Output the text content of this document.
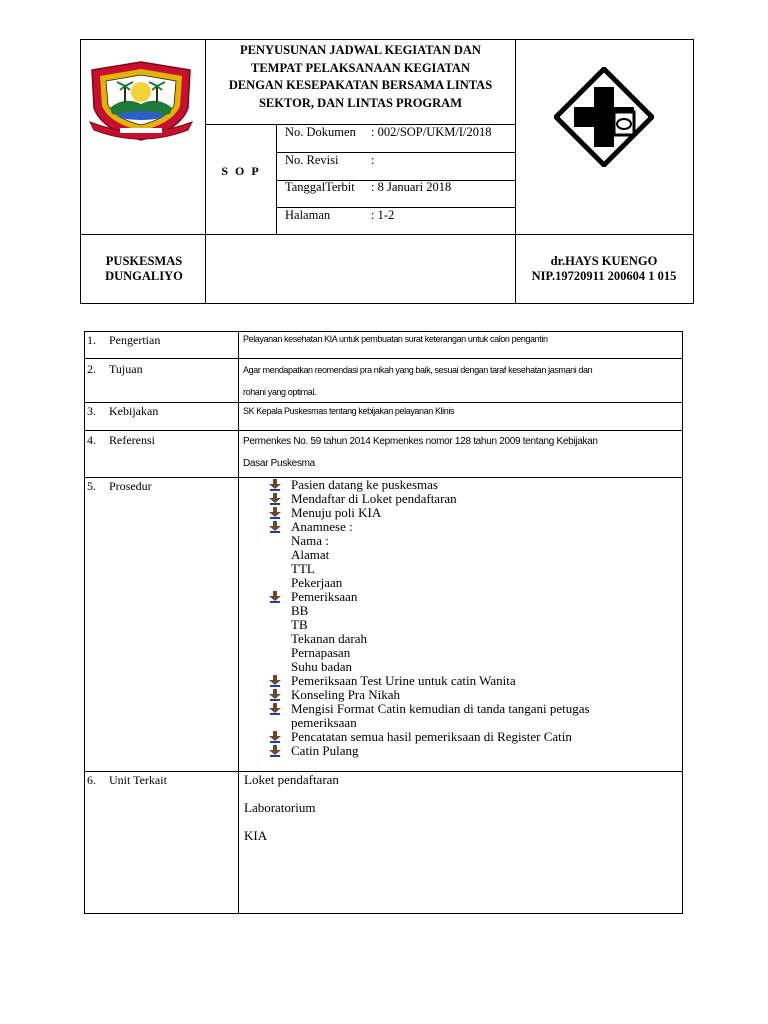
PENYUSUNAN JADWAL KEGIATAN DAN
TEMPAT PELAKSANAAN KEGIATAN
DENGAN KESEPAKATAN BERSAMA LINTAS
SEKTOR, DAN LINTAS PROGRAM
S O P
No. Dokumen : 002/SOP/UKM/I/2018
No. Revisi	:
TanggalTerbit : 8 Januari 2018
Halaman	: 1-2
PUSKESMAS
DUNGALIYO
dr.HAYS KUENGO
NIP.19720911 200604 1 015
1. Pengertian	Pelayanan kesehatan KIA untuk pembuatan surat keterangan untuk calon pengantin
2. Tujuan	Agar mendapatkan reomendasi pra nikah yang baik, sesuai dengan taraf kesehatan jasmani dan
rohani yang optimal.
3. Kebijakan	SK Kepala Puskesmas tentang kebijakan pelayanan Klinis
4. Referensi	Permenkes No. 59 tahun 2014 Kepmenkes nomor 128 tahun 2009 tentang Kebijakan
Dasar Puskesma
5. Prosedur	Pasien datang ke puskesmas
Mendaftar di Loket pendaftaran
Menuju poli KIA
Anamnese :
Nama :
Alamat
TTL
Pekerjaan
Pemeriksaan
BB
TB
Tekanan darah
Pernapasan
Suhu badan
Pemeriksaan Test Urine untuk catin Wanita
Konseling Pra Nikah
Mengisi Format Catin kemudian di tanda tangani petugas
pemeriksaan
Pencatatan semua hasil pemeriksaan di Register Catin
Catin Pulang
6. Unit Terkait	Loket pendaftaran
Laboratorium
KIA
